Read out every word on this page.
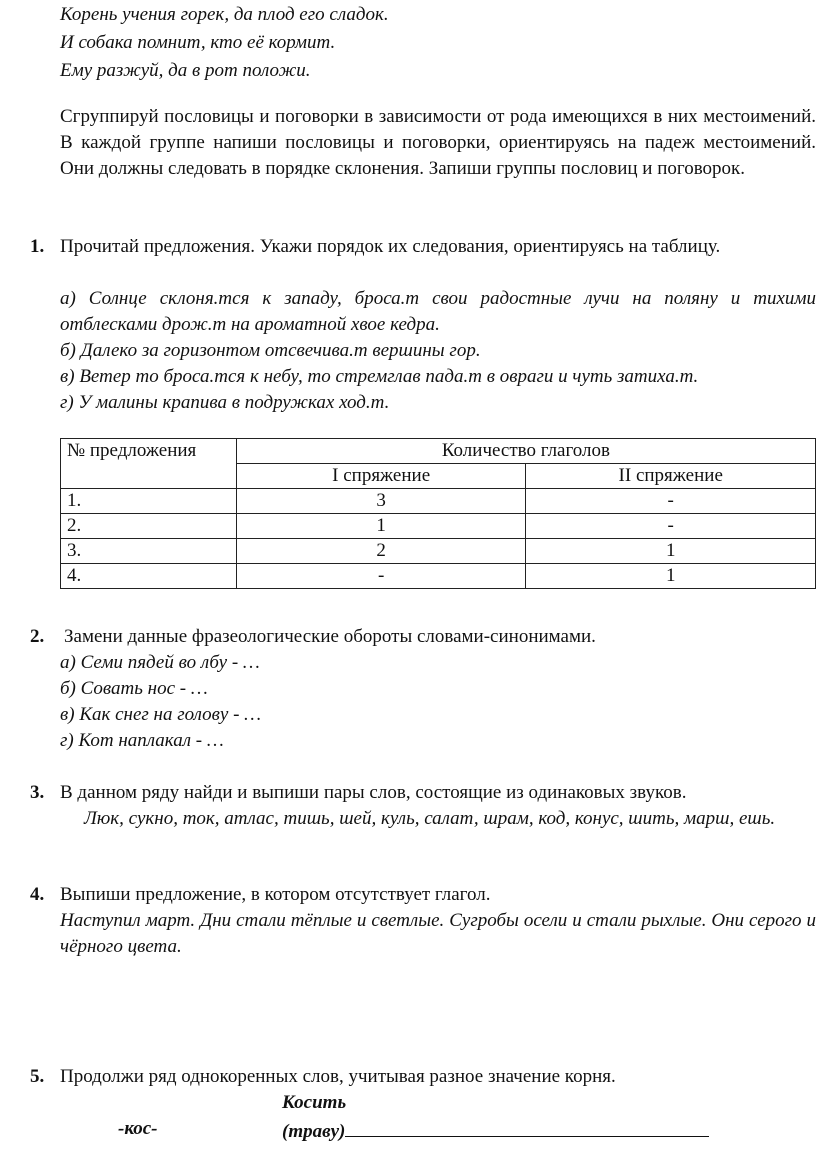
Корень учения горек, да плод его сладок.
И собака помнит, кто её кормит.
Ему разжуй, да в рот положи.
Сгруппируй пословицы и поговорки в зависимости от рода имеющихся в них местоимений. В каждой группе напиши пословицы и поговорки, ориентируясь на падеж местоимений. Они должны следовать в порядке склонения. Запиши группы пословиц и поговорок.
1. Прочитай предложения. Укажи порядок их следования, ориентируясь на таблицу.
а) Солнце склоня.тся к западу, броса.т свои радостные лучи на поляну и тихими отблесками дрож.т на ароматной хвое кедра.
б) Далеко за горизонтом отсвечива.т вершины гор.
в) Ветер то броса.тся к небу, то стремглав пада.т в овраги и чуть затиха.т.
г) У малины крапива в подружках ход.т.
№ предложения	Количество глаголов	
	I спряжение	II спряжение
1.	3	-
2.	1	-
3.	2	1
4.	-	1
2. Замени данные фразеологические обороты словами-синонимами.
а) Семи пядей во лбу - …
б) Совать нос - …
в) Как снег на голову - …
г) Кот наплакал - …
3. В данном ряду найди и выпиши пары слов, состоящие из одинаковых звуков.
Люк, сукно, ток, атлас, тишь, шей, куль, салат, шрам, код, конус, шить, марш, ешь.
4. Выпиши предложение, в котором отсутствует глагол.
Наступил март. Дни стали тёплые и светлые. Сугробы осели и стали рыхлые. Они серого и чёрного цвета.
5. Продолжи ряд однокоренных слов, учитывая разное значение корня.
Косить
-кос-	(траву)
